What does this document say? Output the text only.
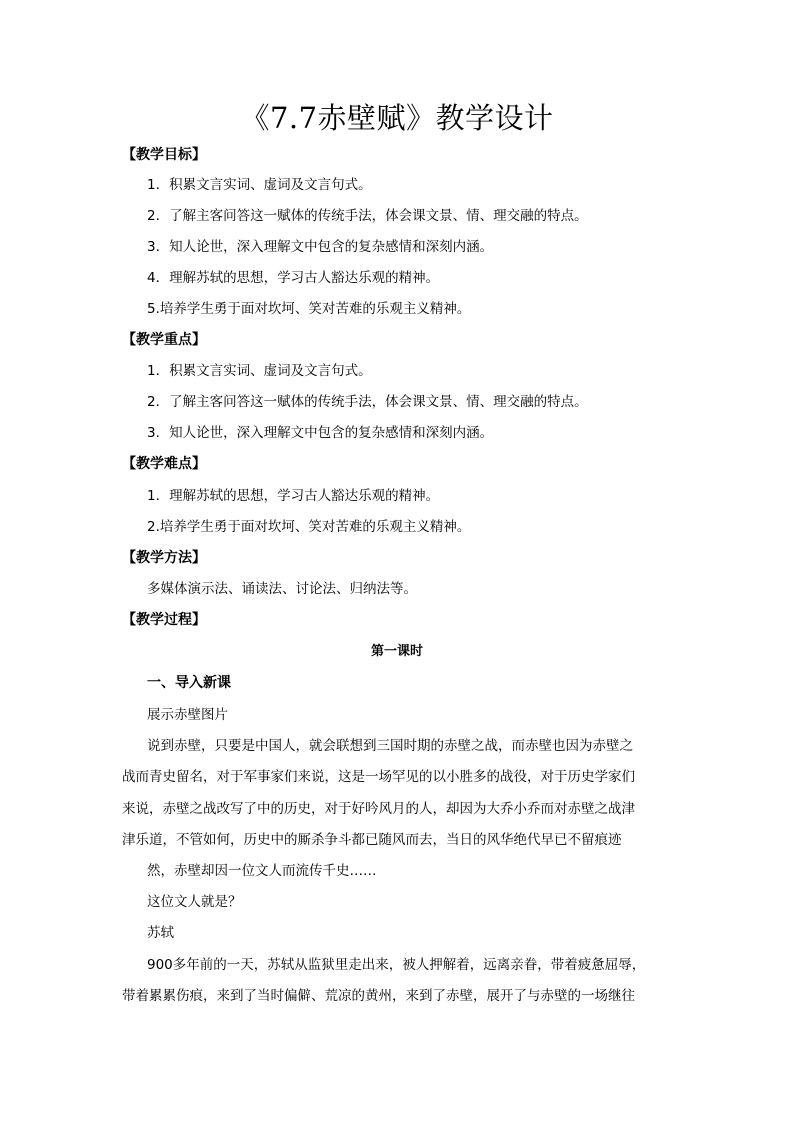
《7.7赤壁赋》教学设计
【教学目标】
1．积累文言实词、虚词及文言句式。
2．了解主客问答这一赋体的传统手法，体会课文景、情、理交融的特点。
3．知人论世，深入理解文中包含的复杂感情和深刻内涵。
4．理解苏轼的思想，学习古人豁达乐观的精神。
5.培养学生勇于面对坎坷、笑对苦难的乐观主义精神。
【教学重点】
1．积累文言实词、虚词及文言句式。
2．了解主客问答这一赋体的传统手法，体会课文景、情、理交融的特点。
3．知人论世，深入理解文中包含的复杂感情和深刻内涵。
【教学难点】
1．理解苏轼的思想，学习古人豁达乐观的精神。
2.培养学生勇于面对坎坷、笑对苦难的乐观主义精神。
【教学方法】
多媒体演示法、诵读法、讨论法、归纳法等。
【教学过程】
第一课时
一、导入新课
展示赤壁图片
说到赤壁，只要是中国人，就会联想到三国时期的赤壁之战，而赤壁也因为赤壁之
战而青史留名，对于军事家们来说，这是一场罕见的以小胜多的战役，对于历史学家们
来说，赤壁之战改写了中的历史，对于好吟风月的人，却因为大乔小乔而对赤壁之战津
津乐道，不管如何，历史中的厮杀争斗都已随风而去，当日的风华绝代早已不留痕迹
然，赤壁却因一位文人而流传千史……
这位文人就是？
苏轼
900多年前的一天，苏轼从监狱里走出来，被人押解着，远离亲眷，带着疲惫屈辱，
带着累累伤痕，来到了当时偏僻、荒凉的黄州，来到了赤壁，展开了与赤壁的一场继往
